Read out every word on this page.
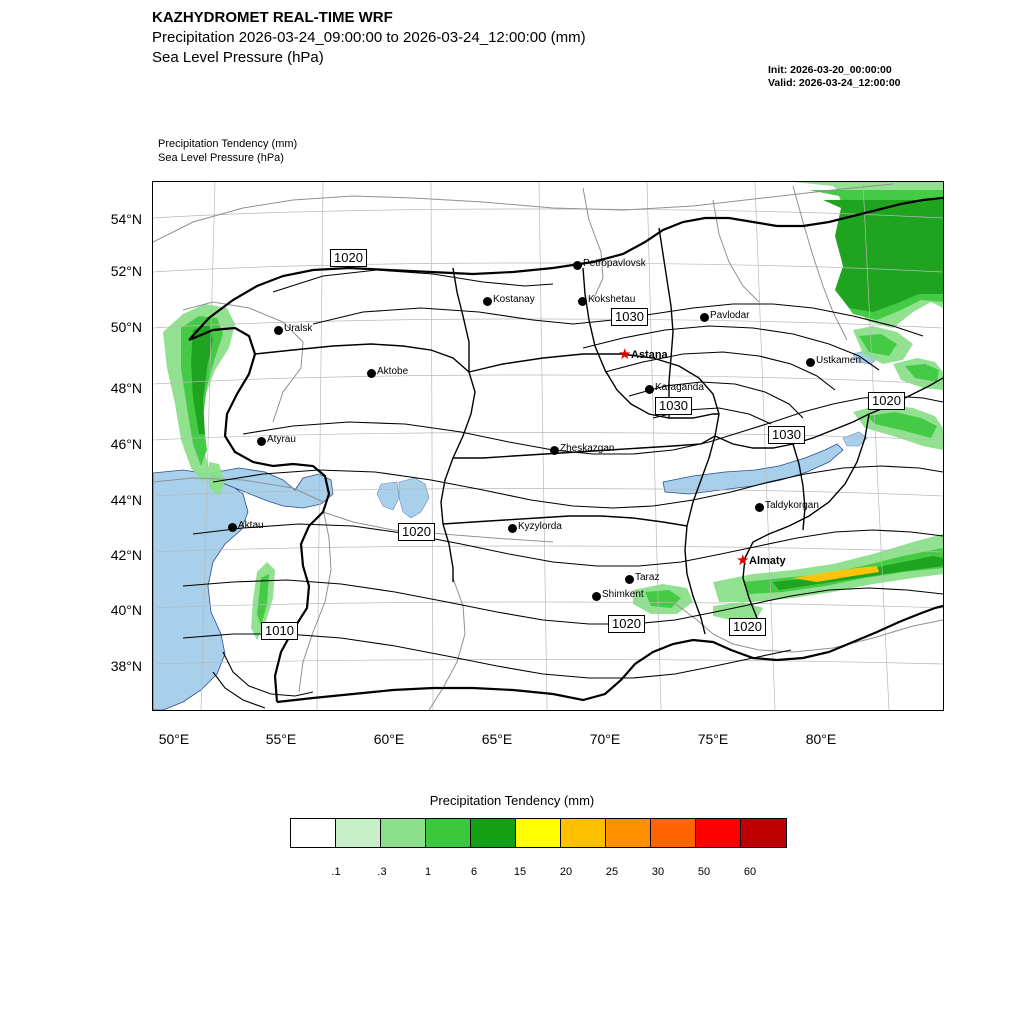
KAZHYDROMET REAL-TIME WRF
Precipitation 2026-03-24_09:00:00 to 2026-03-24_12:00:00 (mm)
Sea Level Pressure (hPa)
Init: 2026-03-20_00:00:00
Valid: 2026-03-24_12:00:00
Precipitation Tendency (mm)
Sea Level Pressure (hPa)
54°N
52°N
50°N
48°N
46°N
44°N
42°N
40°N
38°N
50°E	55°E	60°E	65°E	70°E	75°E	80°E
Uralsk
Aktobe
Atyrau
Aktau
Kostanay
Petropavlovsk
Kokshetau
Pavlodar
★ Astana
Karaganda
Ustkamen
Zheskazgan
Kyzylorda
Taldykorgan
★ Almaty
Taraz
Shimkent
1020
1030
1030
1030
1020
1020
1020	1020
1010
Precipitation Tendency (mm)
.1	.3	1	6	15	20	25	30	50	60
